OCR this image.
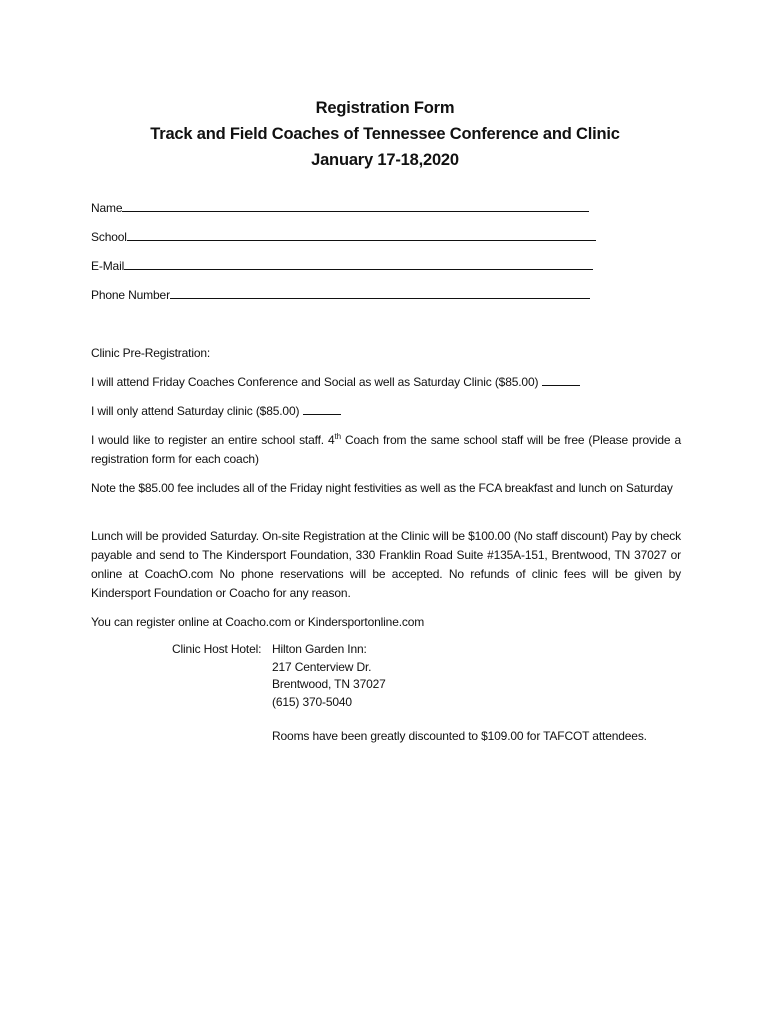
Registration Form
Track and Field Coaches of Tennessee Conference and Clinic
January 17-18,2020
Name
School
E-Mail
Phone Number
Clinic Pre-Registration:
I will attend Friday Coaches Conference and Social as well as Saturday Clinic ($85.00)
I will only attend Saturday clinic ($85.00)
I would like to register an entire school staff. 4th Coach from the same school staff will be free (Please provide a registration form for each coach)
Note the $85.00 fee includes all of the Friday night festivities as well as the FCA breakfast and lunch on Saturday
Lunch will be provided Saturday. On-site Registration at the Clinic will be $100.00 (No staff discount) Pay by check payable and send to The Kindersport Foundation, 330 Franklin Road Suite #135A-151, Brentwood, TN 37027 or online at CoachO.com No phone reservations will be accepted. No refunds of clinic fees will be given by Kindersport Foundation or Coacho for any reason.
You can register online at Coacho.com or Kindersportonline.com
Clinic Host Hotel: Hilton Garden Inn:
217 Centerview Dr.
Brentwood, TN 37027
(615) 370-5040
Rooms have been greatly discounted to $109.00 for TAFCOT attendees.
